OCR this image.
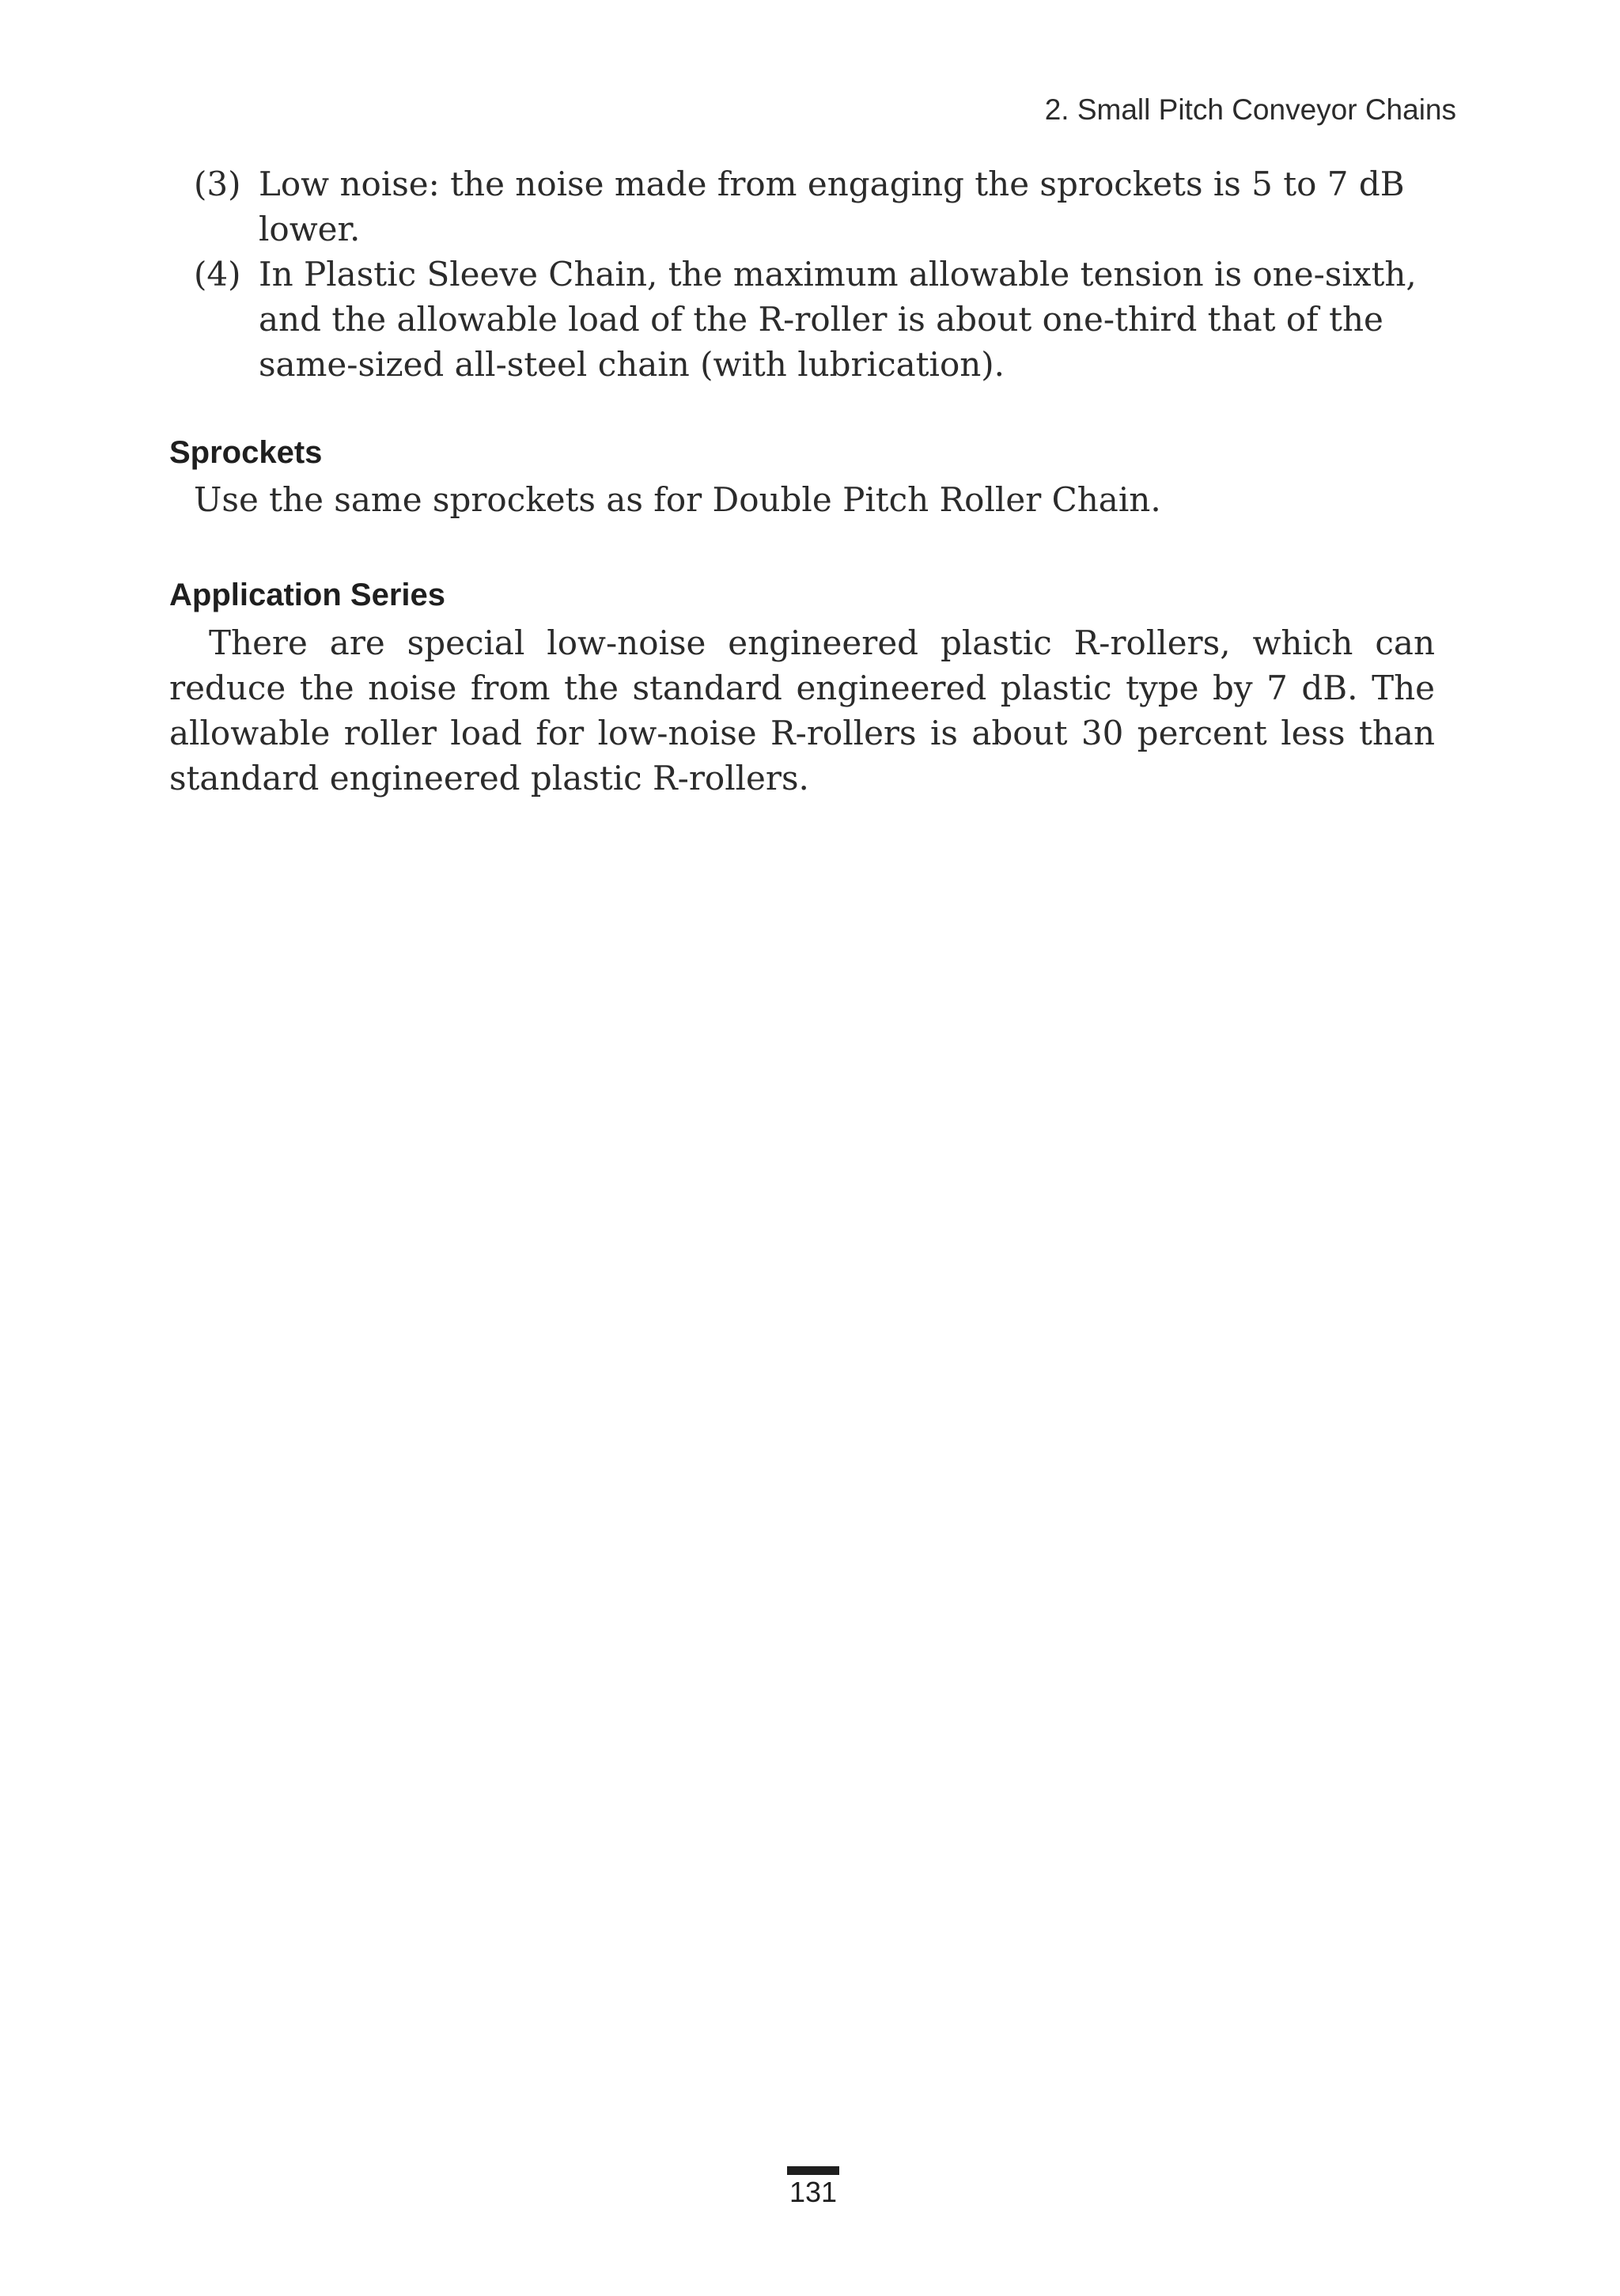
2. Small Pitch Conveyor Chains
(3) Low noise: the noise made from engaging the sprockets is 5 to 7 dB lower.
(4) In Plastic Sleeve Chain, the maximum allowable tension is one-sixth, and the allowable load of the R-roller is about one-third that of the same-sized all-steel chain (with lubrication).
Sprockets
Use the same sprockets as for Double Pitch Roller Chain.
Application Series
There are special low-noise engineered plastic R-rollers, which can reduce the noise from the standard engineered plastic type by 7 dB. The allowable roller load for low-noise R-rollers is about 30 percent less than standard engineered plastic R-rollers.
131
